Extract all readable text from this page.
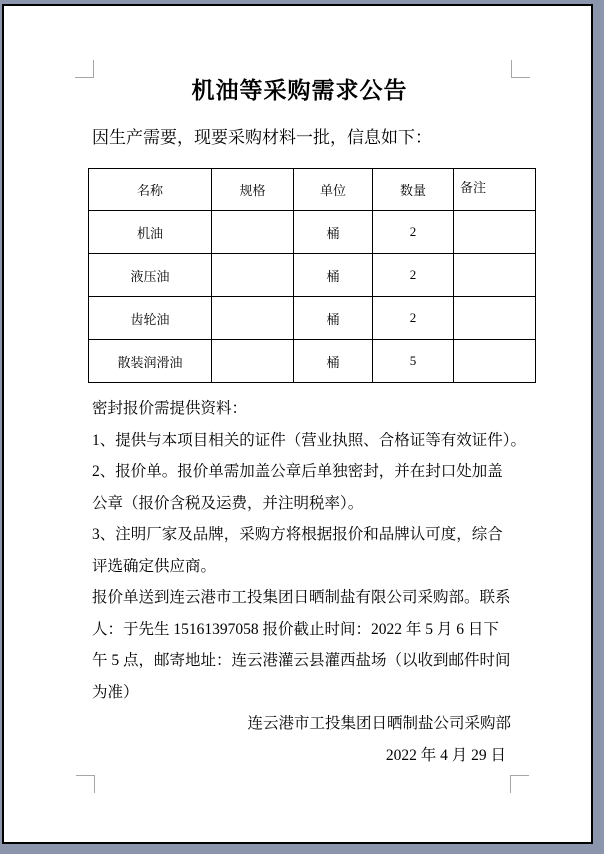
机油等采购需求公告
因生产需要，现要采购材料一批，信息如下：
名称	规格	单位	数量	备注
机油		桶	2	
液压油		桶	2	
齿轮油		桶	2	
散装润滑油		桶	5	
密封报价需提供资料：
1、提供与本项目相关的证件（营业执照、合格证等有效证件）。
2、报价单。报价单需加盖公章后单独密封，并在封口处加盖
公章（报价含税及运费，并注明税率）。
3、注明厂家及品牌，采购方将根据报价和品牌认可度，综合
评选确定供应商。
报价单送到连云港市工投集团日晒制盐有限公司采购部。联系
人：于先生 15161397058 报价截止时间：2022 年 5 月 6 日下
午 5 点，邮寄地址：连云港灌云县灌西盐场（以收到邮件时间
为准）
连云港市工投集团日晒制盐公司采购部
2022 年 4 月 29 日
